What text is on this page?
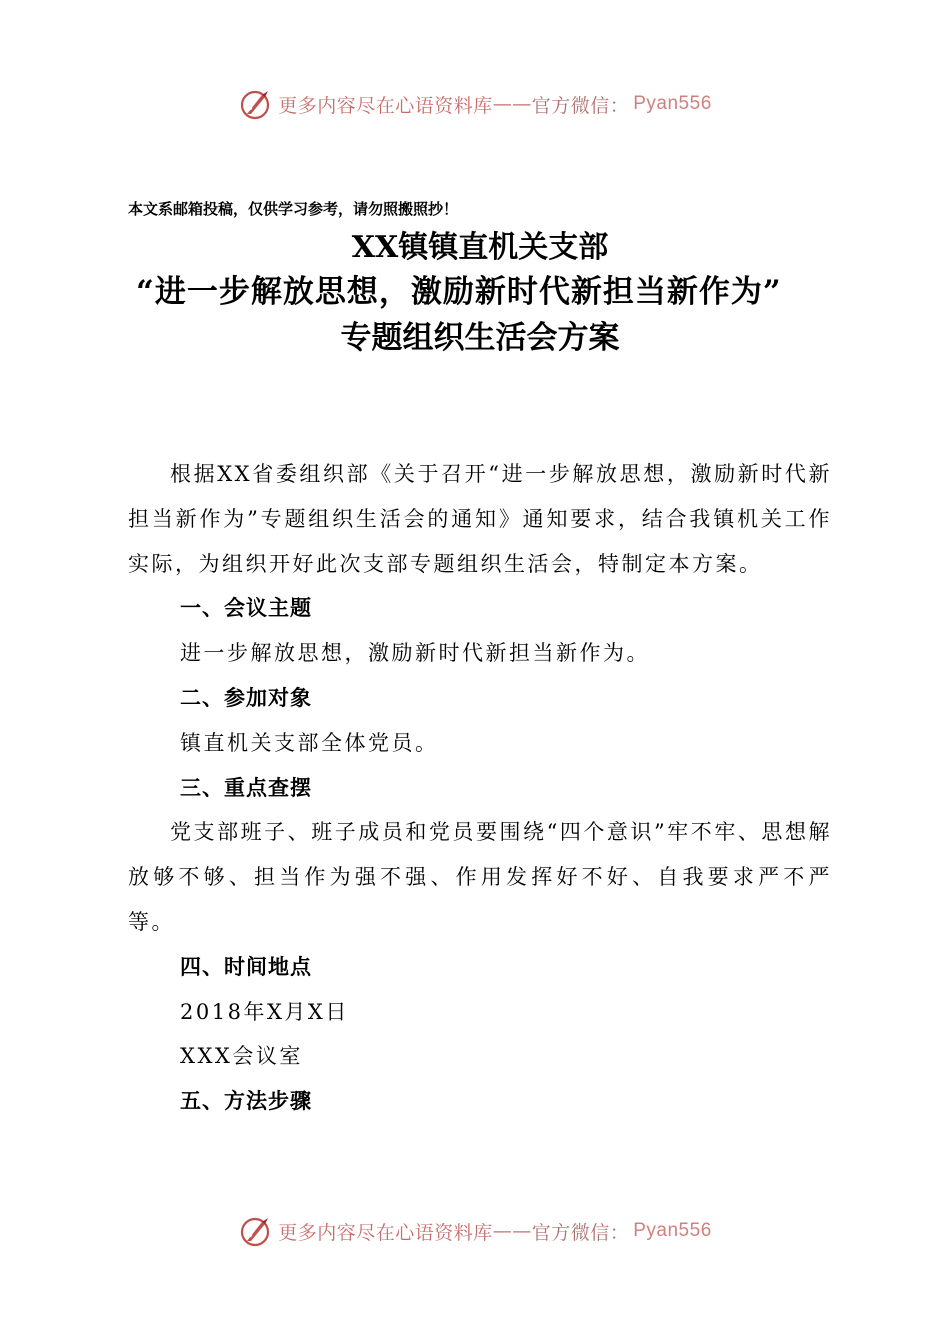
更多内容尽在心语资料库 —— 官方微信： Pyan556
本文系邮箱投稿，仅供学习参考，请勿照搬照抄！
XX镇镇直机关支部
“进一步解放思想，激励新时代新担当新作为”
专题组织生活会方案

根据XX省委组织部《关于召开“进一步解放思想，激励新时代新担当新作为”专题组织生活会的通知》通知要求，结合我镇机关工作实际，为组织开好此次支部专题组织生活会，特制定本方案。

一、会议主题

进一步解放思想，激励新时代新担当新作为。

二、参加对象

镇直机关支部全体党员。

三、重点查摆

党支部班子、班子成员和党员要围绕“四个意识”牢不牢、思想解放够不够、担当作为强不强、作用发挥好不好、自我要求严不严等。

四、时间地点

2018年X月X日

XXX会议室

五、方法步骤

更多内容尽在心语资料库 —— 官方微信： Pyan556
